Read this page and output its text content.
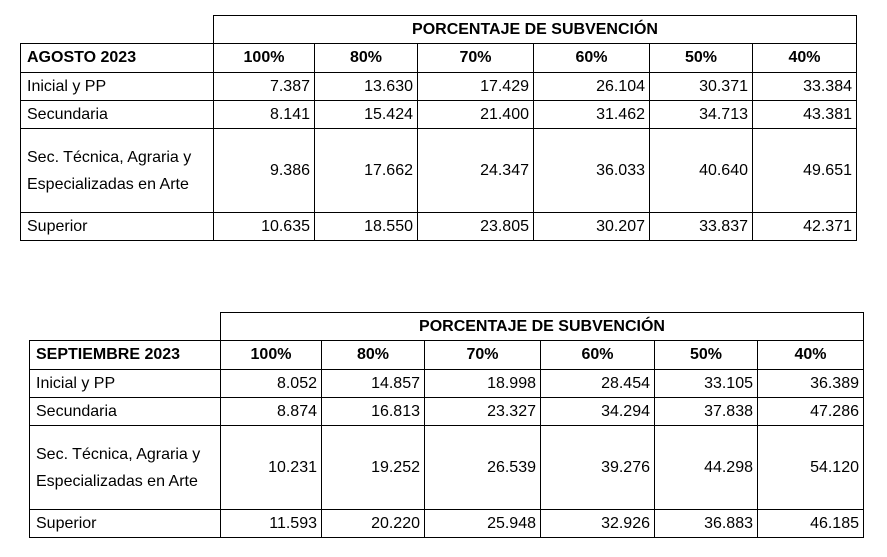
	PORCENTAJE DE SUBVENCIÓN					
AGOSTO 2023	100%	80%	70%	60%	50%	40%
Inicial y PP	7.387	13.630	17.429	26.104	30.371	33.384
Secundaria	8.141	15.424	21.400	31.462	34.713	43.381
Sec. Técnica, Agraria y Especializadas en Arte	9.386	17.662	24.347	36.033	40.640	49.651
Superior	10.635	18.550	23.805	30.207	33.837	42.371
	PORCENTAJE DE SUBVENCIÓN					
SEPTIEMBRE 2023	100%	80%	70%	60%	50%	40%
Inicial y PP	8.052	14.857	18.998	28.454	33.105	36.389
Secundaria	8.874	16.813	23.327	34.294	37.838	47.286
Sec. Técnica, Agraria y Especializadas en Arte	10.231	19.252	26.539	39.276	44.298	54.120
Superior	11.593	20.220	25.948	32.926	36.883	46.185
